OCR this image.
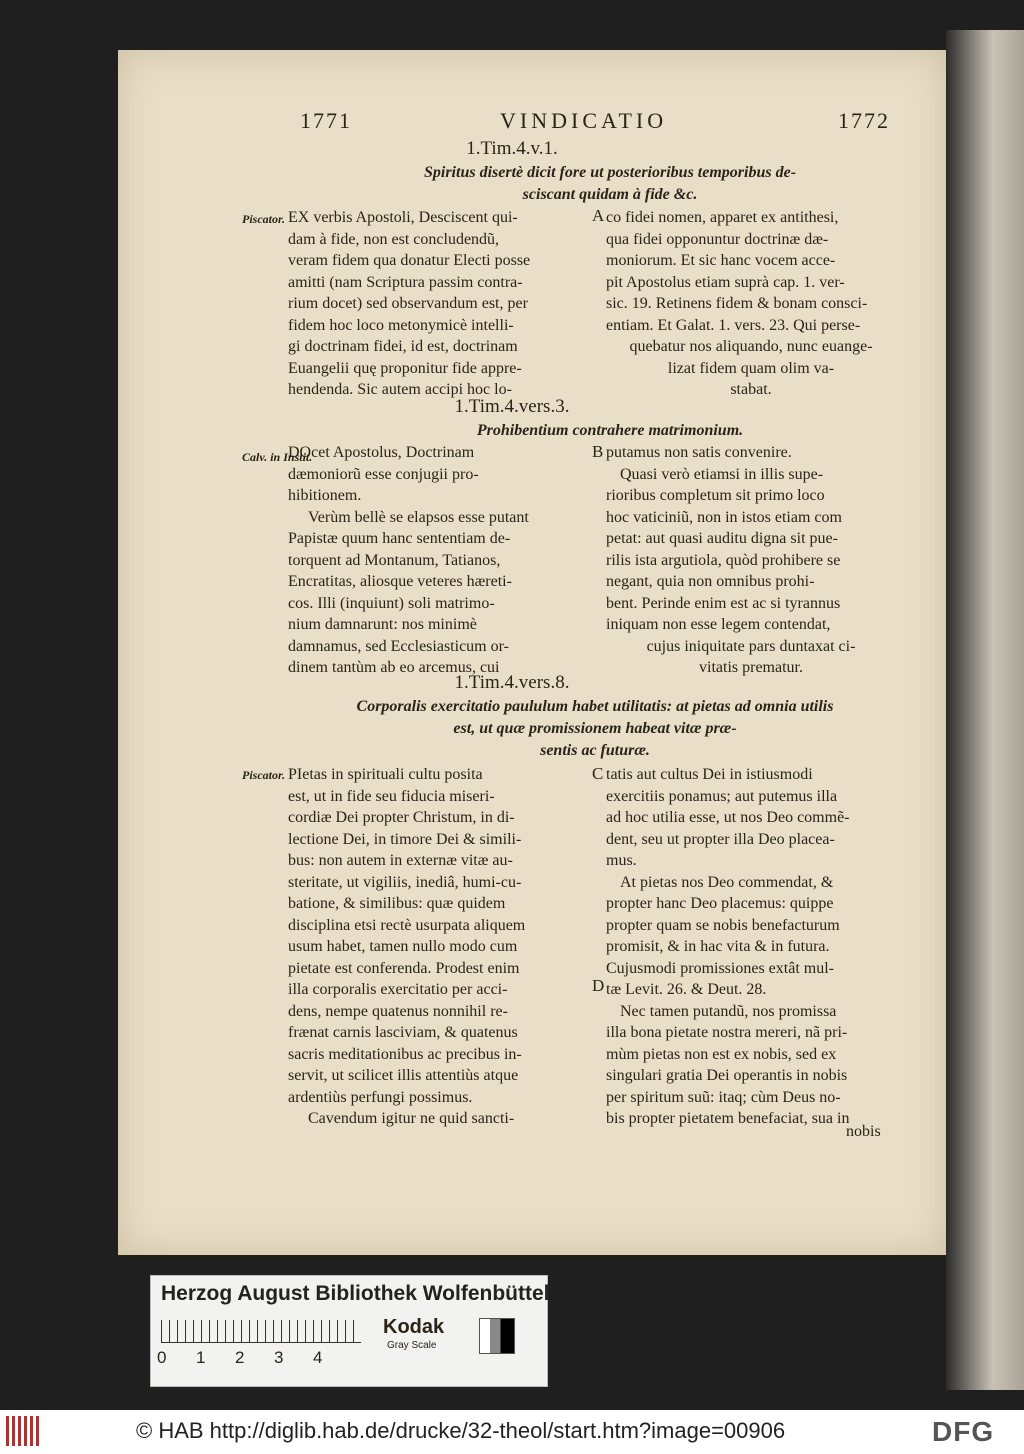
1771	VINDICATIO	1772
1.Tim.4.v.1.
Spiritus disertè dicit fore ut posterioribus temporibus de-
sciscant quidam à fide &c.
Piscator.	A

EX verbis Apostoli, Desciscent qui-

dam à fide, non est concludendũ,

veram fidem qua donatur Electi posse

amitti (nam Scriptura passim contra-

rium docet) sed observandum est, per

fidem hoc loco metonymicè intelli-

gi doctrinam fidei, id est, doctrinam

Euangelii quę proponitur fide appre-

hendenda. Sic autem accipi hoc lo-

co fidei nomen, apparet ex antithesi,

qua fidei opponuntur doctrinæ dæ-

moniorum. Et sic hanc vocem acce-

pit Apostolus etiam suprà cap. 1. ver-

sic. 19. Retinens fidem & bonam consci-

entiam. Et Galat. 1. vers. 23. Qui perse-

quebatur nos aliquando, nunc euange-

lizat fidem quam olim va-

stabat.

1.Tim.4.vers.3.
Prohibentium contrahere matrimonium.
Calv. in Instit.	B

DOcet Apostolus, Doctrinam

dæmoniorũ esse conjugii pro-

hibitionem.

Verùm bellè se elapsos esse putant

Papistæ quum hanc sententiam de-

torquent ad Montanum, Tatianos,

Encratitas, aliosque veteres hæreti-

cos. Illi (inquiunt) soli matrimo-

nium damnarunt: nos minimè

damnamus, sed Ecclesiasticum or-

dinem tantùm ab eo arcemus, cui

putamus non satis convenire.

Quasi verò etiamsi in illis supe-

rioribus completum sit primo loco

hoc vaticiniũ, non in istos etiam com

petat: aut quasi auditu digna sit pue-

rilis ista argutiola, quòd prohibere se

negant, quia non omnibus prohi-

bent. Perinde enim est ac si tyrannus

iniquam non esse legem contendat,

cujus iniquitate pars duntaxat ci-

vitatis prematur.

1.Tim.4.vers.8.
Corporalis exercitatio paululum habet utilitatis: at pietas ad omnia utilis
est, ut quæ promissionem habeat vitæ præ-
sentis ac futuræ.
Piscator.	C
D

PIetas in spirituali cultu posita

est, ut in fide seu fiducia miseri-

cordiæ Dei propter Christum, in di-

lectione Dei, in timore Dei & simili-

bus: non autem in externæ vitæ au-

steritate, ut vigiliis, inediâ, humi-cu-

batione, & similibus: quæ quidem

disciplina etsi rectè usurpata aliquem

usum habet, tamen nullo modo cum

pietate est conferenda. Prodest enim

illa corporalis exercitatio per acci-

dens, nempe quatenus nonnihil re-

frænat carnis lasciviam, & quatenus

sacris meditationibus ac precibus in-

servit, ut scilicet illis attentiùs atque

ardentiùs perfungi possimus.

Cavendum igitur ne quid sancti-

tatis aut cultus Dei in istiusmodi

exercitiis ponamus; aut putemus illa

ad hoc utilia esse, ut nos Deo commẽ-

dent, seu ut propter illa Deo placea-

mus.

At pietas nos Deo commendat, &

propter hanc Deo placemus: quippe

propter quam se nobis benefacturum

promisit, & in hac vita & in futura.

Cujusmodi promissiones extât mul-

tæ Levit. 26. & Deut. 28.

Nec tamen putandũ, nos promissa

illa bona pietate nostra mereri, nã pri-

mùm pietas non est ex nobis, sed ex

singulari gratia Dei operantis in nobis

per spiritum suũ: itaq; cùm Deus no-

bis propter pietatem benefaciat, sua in

nobis
Herzog August Bibliothek Wolfenbüttel
0 1 2 3 4
Kodak
Gray Scale
© HAB http://diglib.hab.de/drucke/32-theol/start.htm?image=00906	DFG
